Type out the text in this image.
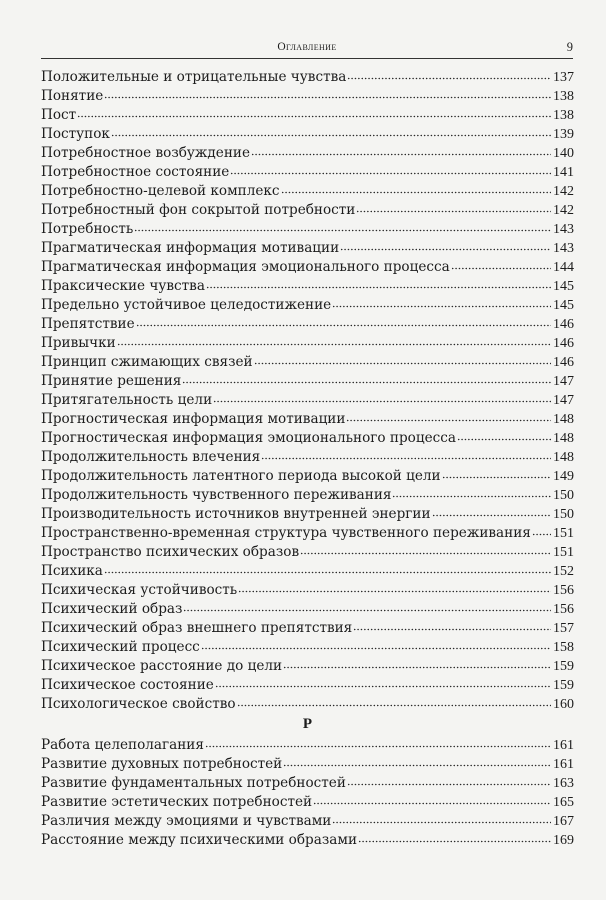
Оглавление	9
Положительные и отрицательные чувства	137
Понятие	138
Пост	138
Поступок	139
Потребностное возбуждение	140
Потребностное состояние	141
Потребностно-целевой комплекс	142
Потребностный фон сокрытой потребности	142
Потребность	143
Прагматическая информация мотивации	143
Прагматическая информация эмоционального процесса	144
Праксические чувства	145
Предельно устойчивое целедостижение	145
Препятствие	146
Привычки	146
Принцип сжимающих связей	146
Принятие решения	147
Притягательность цели	147
Прогностическая информация мотивации	148
Прогностическая информация эмоционального процесса	148
Продолжительность влечения	148
Продолжительность латентного периода высокой цели	149
Продолжительность чувственного переживания	150
Производительность источников внутренней энергии	150
Пространственно-временная структура чувственного переживания 151
Пространство психических образов	151
Психика	152
Психическая устойчивость	156
Психический образ	156
Психический образ внешнего препятствия	157
Психический процесс	158
Психическое расстояние до цели	159
Психическое состояние	159
Психологическое свойство	160
Р
Работа целеполагания	161
Развитие духовных потребностей	161
Развитие фундаментальных потребностей	163
Развитие эстетических потребностей	165
Различия между эмоциями и чувствами	167
Расстояние между психическими образами	169
